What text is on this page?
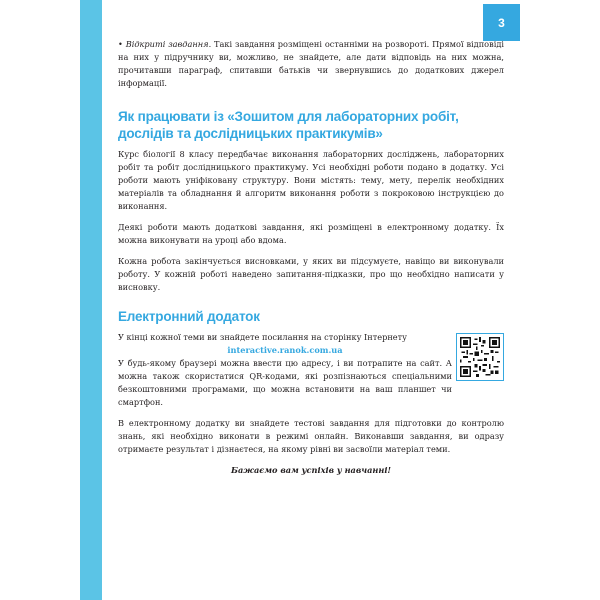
3

• Відкриті завдання. Такі завдання розміщені останніми на розвороті. Прямої відповіді на них у підручнику ви, можливо, не знайдете, але дати відповідь на них можна, прочитавши параграф, спитавши батьків чи звернувшись до додаткових джерел інформації.

Як працювати із «Зошитом для лабораторних робіт, дослідів та дослідницьких практикумів»

Курс біології 8 класу передбачає виконання лабораторних досліджень, лабораторних робіт та робіт дослідницького практикуму. Усі необхідні роботи подано в додатку. Усі роботи мають уніфіковану структуру. Вони містять: тему, мету, перелік необхідних матеріалів та обладнання й алгоритм виконання роботи з покроковою інструкцією до виконання.

Деякі роботи мають додаткові завдання, які розміщені в електронному додатку. Їх можна виконувати на уроці або вдома.

Кожна робота закінчується висновками, у яких ви підсумуєте, навіщо ви виконували роботу. У кожній роботі наведено запитання-підказки, про що необхідно написати у висновку.

Електронний додаток

У кінці кожної теми ви знайдете посилання на сторінку Інтернету

interactive.ranok.com.ua

У будь-якому браузері можна ввести цю адресу, і ви потрапите на сайт. А можна також скористатися QR-кодами, які розпізнаються спеціальними безкоштовними програмами, що можна встановити на ваш планшет чи смартфон.

В електронному додатку ви знайдете тестові завдання для підготовки до контролю знань, які необхідно виконати в режимі онлайн. Виконавши завдання, ви одразу отримаєте результат і дізнаєтеся, на якому рівні ви засвоїли матеріал теми.

Бажаємо вам успіхів у навчанні!
